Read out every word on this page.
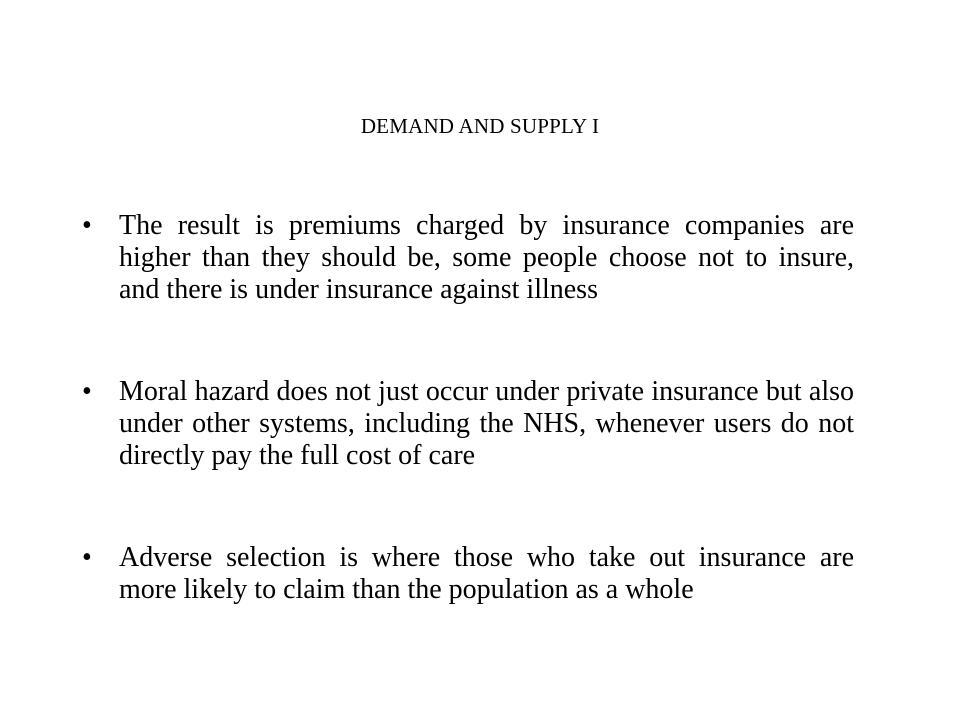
DEMAND AND SUPPLY I
• The result is premiums charged by insurance companies are higher than they should be, some people choose not to insure, and there is under insurance against illness
• Moral hazard does not just occur under private insurance but also under other systems, including the NHS, whenever users do not directly pay the full cost of care
• Adverse selection is where those who take out insurance are more likely to claim than the population as a whole
